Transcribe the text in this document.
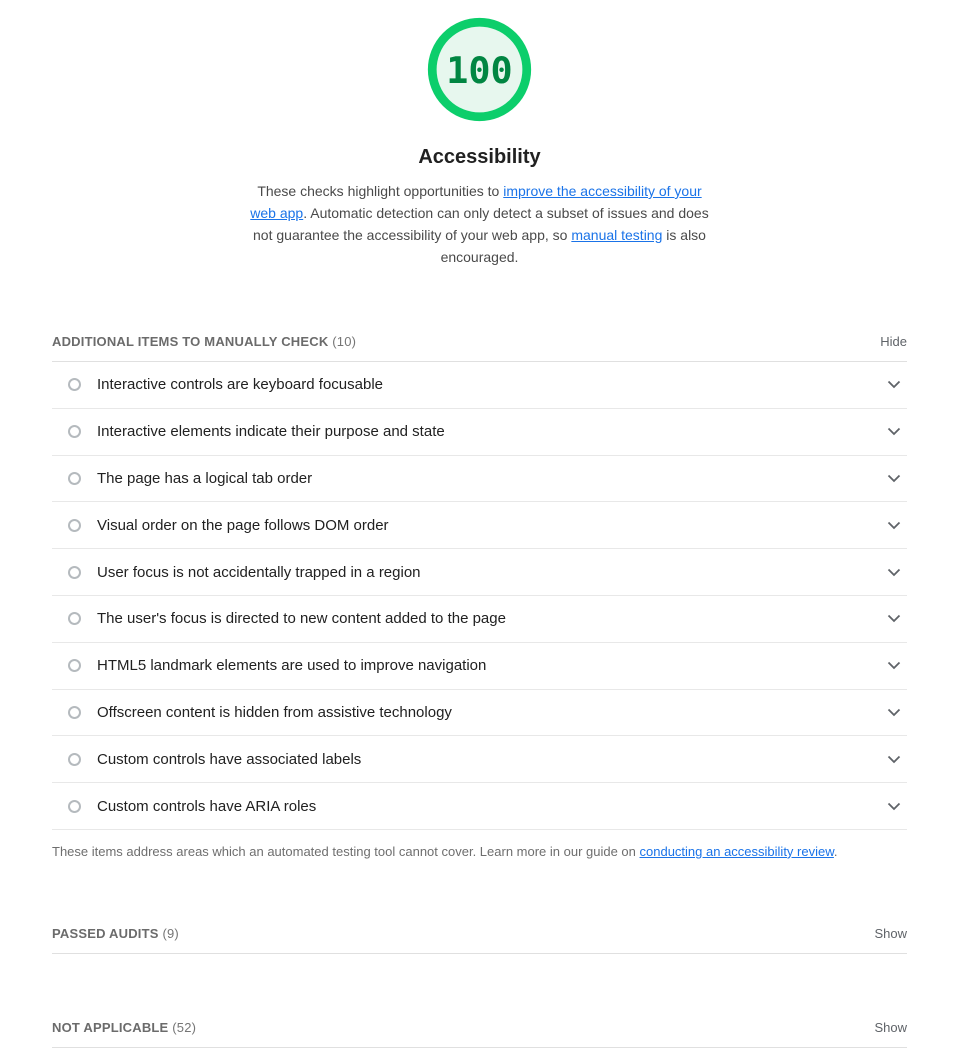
100
Accessibility

These checks highlight opportunities to improve the accessibility of your web app. Automatic detection can only detect a subset of issues and does not guarantee the accessibility of your web app, so manual testing is also encouraged.

ADDITIONAL ITEMS TO MANUALLY CHECK (10)	Hide
Interactive controls are keyboard focusable
Interactive elements indicate their purpose and state
The page has a logical tab order
Visual order on the page follows DOM order
User focus is not accidentally trapped in a region
The user's focus is directed to new content added to the page
HTML5 landmark elements are used to improve navigation
Offscreen content is hidden from assistive technology
Custom controls have associated labels
Custom controls have ARIA roles

These items address areas which an automated testing tool cannot cover. Learn more in our guide on conducting an accessibility review.

PASSED AUDITS (9)	Show
NOT APPLICABLE (52)	Show
